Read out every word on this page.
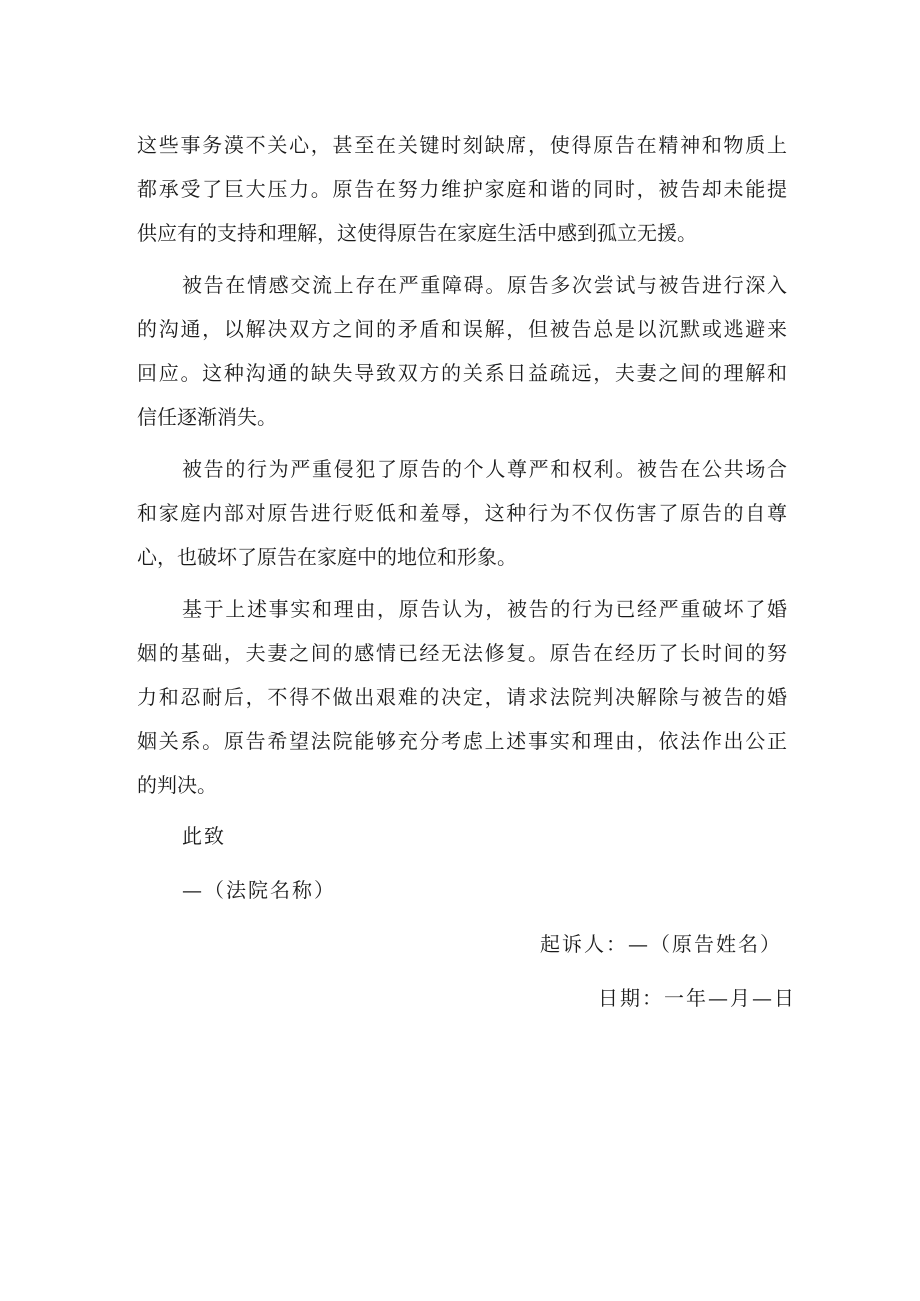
这些事务漠不关心，甚至在关键时刻缺席，使得原告在精神和物质上
都承受了巨大压力。原告在努力维护家庭和谐的同时，被告却未能提
供应有的支持和理解，这使得原告在家庭生活中感到孤立无援。
被告在情感交流上存在严重障碍。原告多次尝试与被告进行深入
的沟通，以解决双方之间的矛盾和误解，但被告总是以沉默或逃避来
回应。这种沟通的缺失导致双方的关系日益疏远，夫妻之间的理解和
信任逐渐消失。
被告的行为严重侵犯了原告的个人尊严和权利。被告在公共场合
和家庭内部对原告进行贬低和羞辱，这种行为不仅伤害了原告的自尊
心，也破坏了原告在家庭中的地位和形象。
基于上述事实和理由，原告认为，被告的行为已经严重破坏了婚
姻的基础，夫妻之间的感情已经无法修复。原告在经历了长时间的努
力和忍耐后，不得不做出艰难的决定，请求法院判决解除与被告的婚
姻关系。原告希望法院能够充分考虑上述事实和理由，依法作出公正
的判决。
此致
—（法院名称）
起诉人：—（原告姓名）
日期：一年—月—日
